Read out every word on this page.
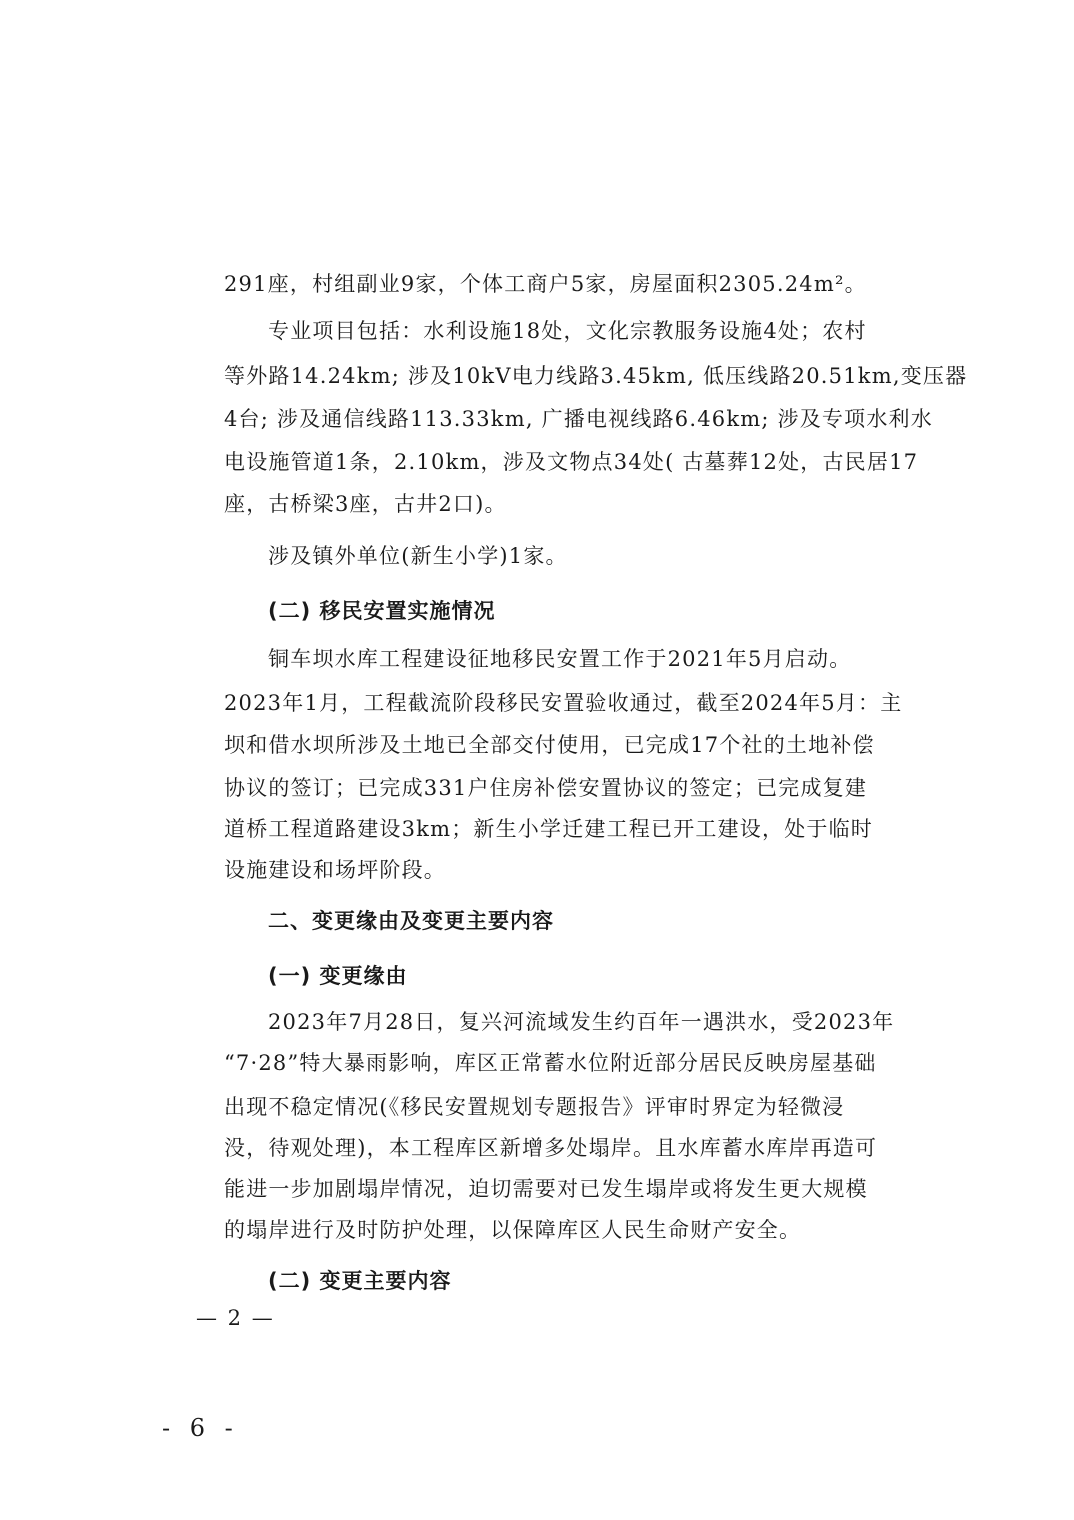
291座，村组副业9家，个体工商户5家，房屋面积2305.24m²。
专业项目包括：水利设施18处，文化宗教服务设施4处；农村
等外路14.24km; 涉及10kV电力线路3.45km, 低压线路20.51km,变压器
4台; 涉及通信线路113.33km, 广播电视线路6.46km; 涉及专项水利水
电设施管道1条，2.10km，涉及文物点34处( 古墓葬12处，古民居17
座，古桥梁3座，古井2口)。
涉及镇外单位(新生小学)1家。
(二) 移民安置实施情况
铜车坝水库工程建设征地移民安置工作于2021年5月启动。
2023年1月，工程截流阶段移民安置验收通过，截至2024年5月：主
坝和借水坝所涉及土地已全部交付使用，已完成17个社的土地补偿
协议的签订；已完成331户住房补偿安置协议的签定；已完成复建
道桥工程道路建设3km；新生小学迁建工程已开工建设，处于临时
设施建设和场坪阶段。
二、变更缘由及变更主要内容
(一) 变更缘由
2023年7月28日，复兴河流域发生约百年一遇洪水，受2023年
“7·28”特大暴雨影响，库区正常蓄水位附近部分居民反映房屋基础
出现不稳定情况(《移民安置规划专题报告》评审时界定为轻微浸
没，待观处理)，本工程库区新增多处塌岸。且水库蓄水库岸再造可
能进一步加剧塌岸情况，迫切需要对已发生塌岸或将发生更大规模
的塌岸进行及时防护处理，以保障库区人民生命财产安全。
(二) 变更主要内容
— 2 —
- 6 -
